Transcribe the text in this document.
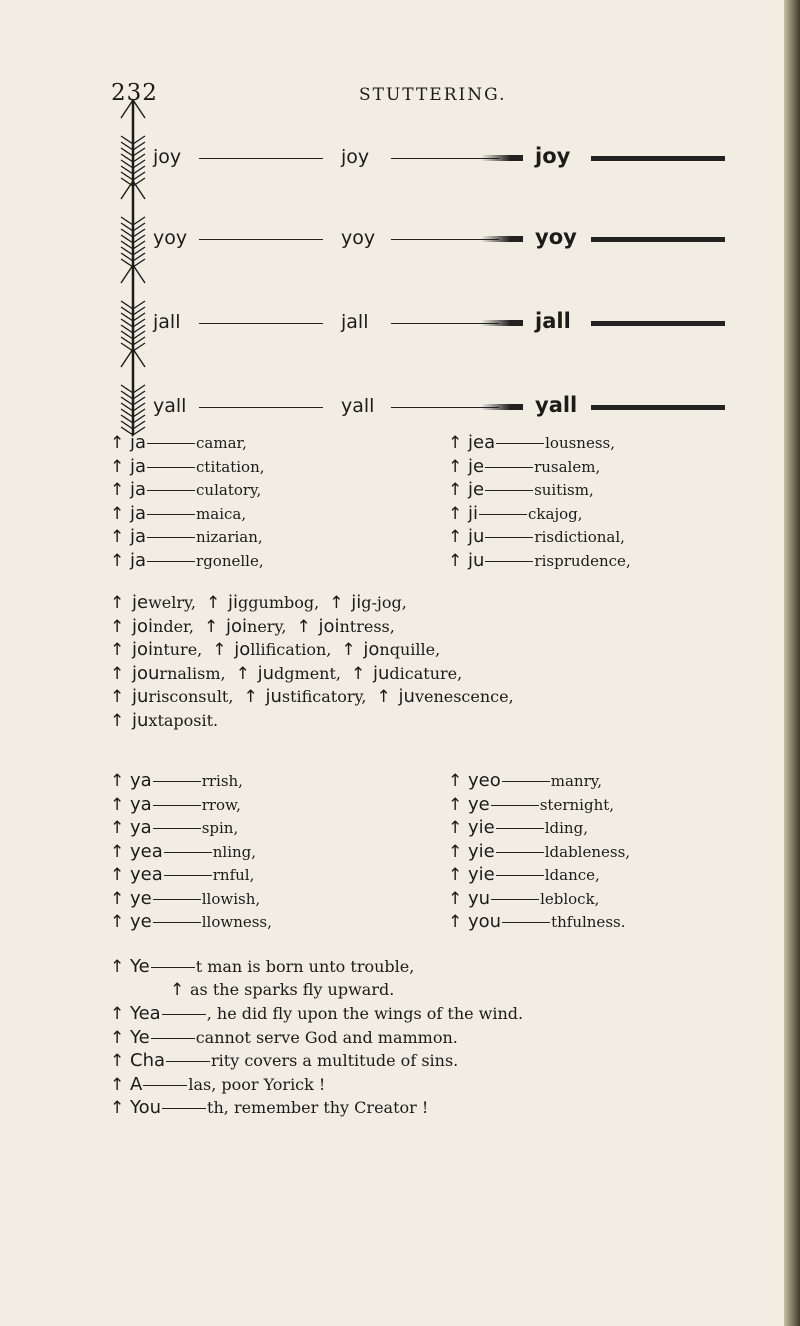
232	STUTTERING.
joy	joy	joy
yoy	yoy	yoy
jall	jall	jall
yall	yall	yall
↑ ja	camar,
↑ ja	ctitation,
↑ ja	culatory,
↑ ja	maica,
↑ ja	nizarian,
↑ ja	rgonelle,
↑ jea	lousness,
↑ je	rusalem,
↑ je	suitism,
↑ ji	ckajog,
↑ ju	risdictional,
↑ ju	risprudence,
↑ jewelry, ↑ jiggumbog, ↑ jig-jog,
↑ joinder, ↑ joinery, ↑ jointress,
↑ jointure, ↑ jollification, ↑ jonquille,
↑ journalism, ↑ judgment, ↑ judicature,
↑ jurisconsult, ↑ justificatory, ↑ juvenescence,
↑ juxtaposit.
↑ ya	rrish,
↑ ya	rrow,
↑ ya	spin,
↑ yea	nling,
↑ yea	rnful,
↑ ye	llowish,
↑ ye	llowness,
↑ yeo	manry,
↑ ye	sternight,
↑ yie	lding,
↑ yie	ldableness,
↑ yie	ldance,
↑ yu	leblock,
↑ you	thfulness.
↑ Ye	t man is born unto trouble,
↑ as the sparks fly upward.
↑ Yea	, he did fly upon the wings of the wind.
↑ Ye	cannot serve God and mammon.
↑ Cha	rity covers a multitude of sins.
↑ A	las, poor Yorick !
↑ You	th, remember thy Creator !
